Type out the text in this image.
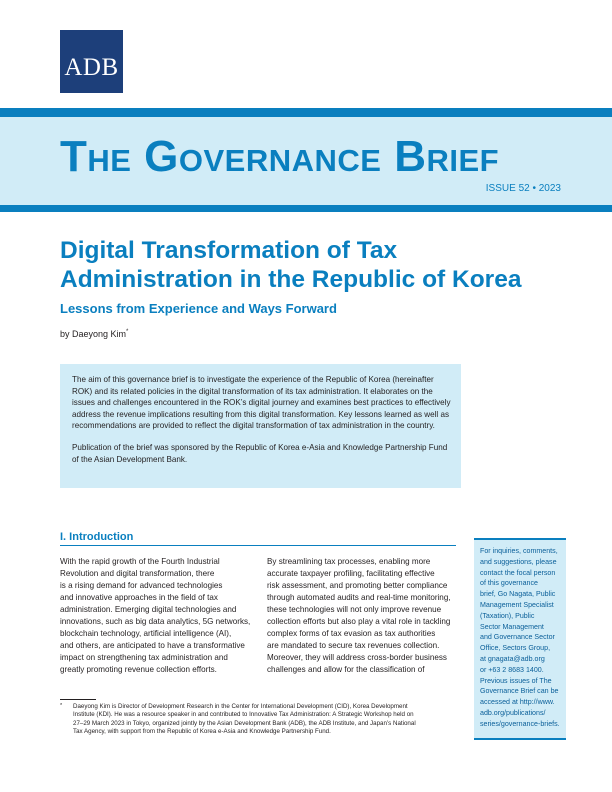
ADB
The Governance Brief
ISSUE 52 • 2023
Digital Transformation of Tax
Administration in the Republic of Korea
Lessons from Experience and Ways Forward
by Daeyong Kim*

The aim of this governance brief is to investigate the experience of the Republic of Korea (hereinafter ROK) and its related policies in the digital transformation of its tax administration. It elaborates on the issues and challenges encountered in the ROK’s digital journey and examines best practices to effectively address the revenue implications resulting from this digital transformation. Key lessons learned as well as recommendations are provided to reflect the digital transformation of tax administration in the country.

Publication of the brief was sponsored by the Republic of Korea e-Asia and Knowledge Partnership Fund of the Asian Development Bank.

I. Introduction
With the rapid growth of the Fourth Industrial
Revolution and digital transformation, there
is a rising demand for advanced technologies
and innovative approaches in the field of tax
administration. Emerging digital technologies and
innovations, such as big data analytics, 5G networks,
blockchain technology, artificial intelligence (AI),
and others, are anticipated to have a transformative
impact on strengthening tax administration and
greatly promoting revenue collection efforts.
By streamlining tax processes, enabling more
accurate taxpayer profiling, facilitating effective
risk assessment, and promoting better compliance
through automated audits and real-time monitoring,
these technologies will not only improve revenue
collection efforts but also play a vital role in tackling
complex forms of tax evasion as tax authorities
are mandated to secure tax revenues collection.
Moreover, they will address cross-border business
challenges and allow for the classification of
* Daeyong Kim is Director of Development Research in the Center for International Development (CID), Korea Development
Institute (KDI). He was a resource speaker in and contributed to Innovative Tax Administration: A Strategic Workshop held on
27–29 March 2023 in Tokyo, organized jointly by the Asian Development Bank (ADB), the ADB Institute, and Japan’s National
Tax Agency, with support from the Republic of Korea e-Asia and Knowledge Partnership Fund.
For inquiries, comments,
and suggestions, please
contact the focal person
of this governance
brief, Go Nagata, Public
Management Specialist
(Taxation), Public
Sector Management
and Governance Sector
Office, Sectors Group,
at gnagata@adb.org
or +63 2 8683 1400.
Previous issues of The
Governance Brief can be
accessed at http://www.
adb.org/publications/
series/governance-briefs.
